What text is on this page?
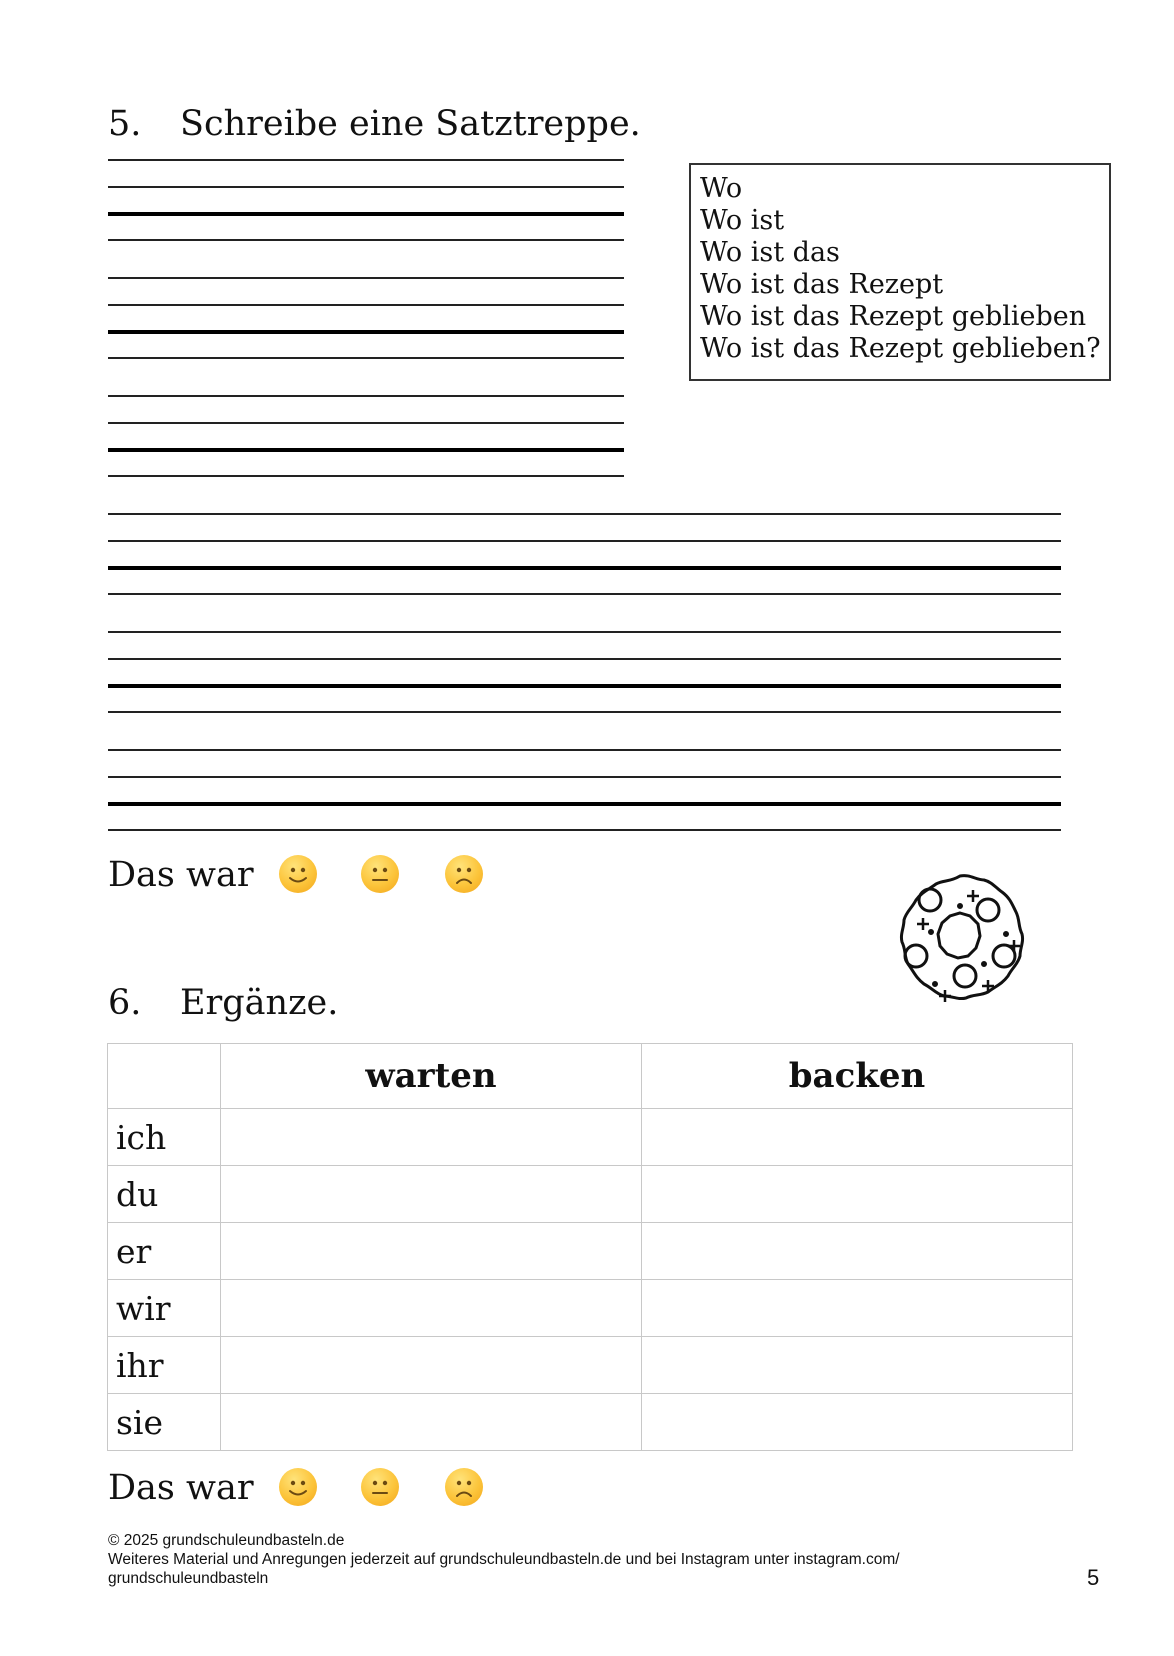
5. Schreibe eine Satztreppe.
Wo
Wo ist
Wo ist das
Wo ist das Rezept
Wo ist das Rezept geblieben
Wo ist das Rezept geblieben?
Das war
6. Ergänze.
	warten	backen
ich		
du		
er		
wir		
ihr		
sie		
Das war
© 2025 grundschuleundbasteln.de
Weiteres Material und Anregungen jederzeit auf grundschuleundbasteln.de und bei Instagram unter instagram.com/
grundschuleundbasteln	5
